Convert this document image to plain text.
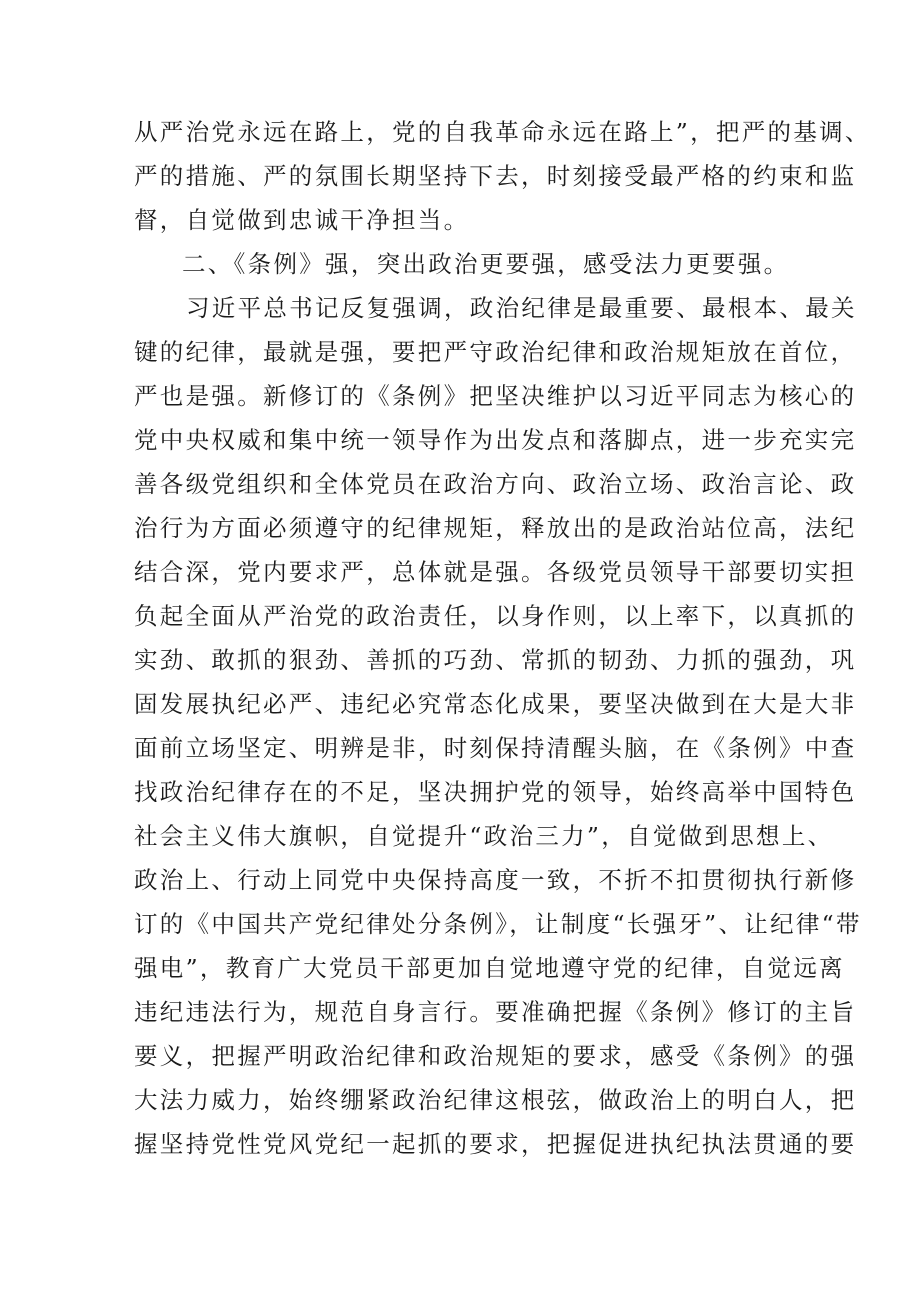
从严治党永远在路上，党的自我革命永远在路上”，把严的基调、

严的措施、严的氛围长期坚持下去，时刻接受最严格的约束和监

督，自觉做到忠诚干净担当。

二、《条例》强，突出政治更要强，感受法力更要强。

习近平总书记反复强调，政治纪律是最重要、最根本、最关

键的纪律，最就是强，要把严守政治纪律和政治规矩放在首位，

严也是强。新修订的《条例》把坚决维护以习近平同志为核心的

党中央权威和集中统一领导作为出发点和落脚点，进一步充实完

善各级党组织和全体党员在政治方向、政治立场、政治言论、政

治行为方面必须遵守的纪律规矩，释放出的是政治站位高，法纪

结合深，党内要求严，总体就是强。各级党员领导干部要切实担

负起全面从严治党的政治责任，以身作则，以上率下，以真抓的

实劲、敢抓的狠劲、善抓的巧劲、常抓的韧劲、力抓的强劲，巩

固发展执纪必严、违纪必究常态化成果，要坚决做到在大是大非

面前立场坚定、明辨是非，时刻保持清醒头脑，在《条例》中查

找政治纪律存在的不足，坚决拥护党的领导，始终高举中国特色

社会主义伟大旗帜，自觉提升“政治三力”，自觉做到思想上、

政治上、行动上同党中央保持高度一致，不折不扣贯彻执行新修

订的《中国共产党纪律处分条例》，让制度“长强牙”、让纪律“带

强电”，教育广大党员干部更加自觉地遵守党的纪律，自觉远离

违纪违法行为，规范自身言行。要准确把握《条例》修订的主旨

要义，把握严明政治纪律和政治规矩的要求，感受《条例》的强

大法力威力，始终绷紧政治纪律这根弦，做政治上的明白人，把

握坚持党性党风党纪一起抓的要求，把握促进执纪执法贯通的要
